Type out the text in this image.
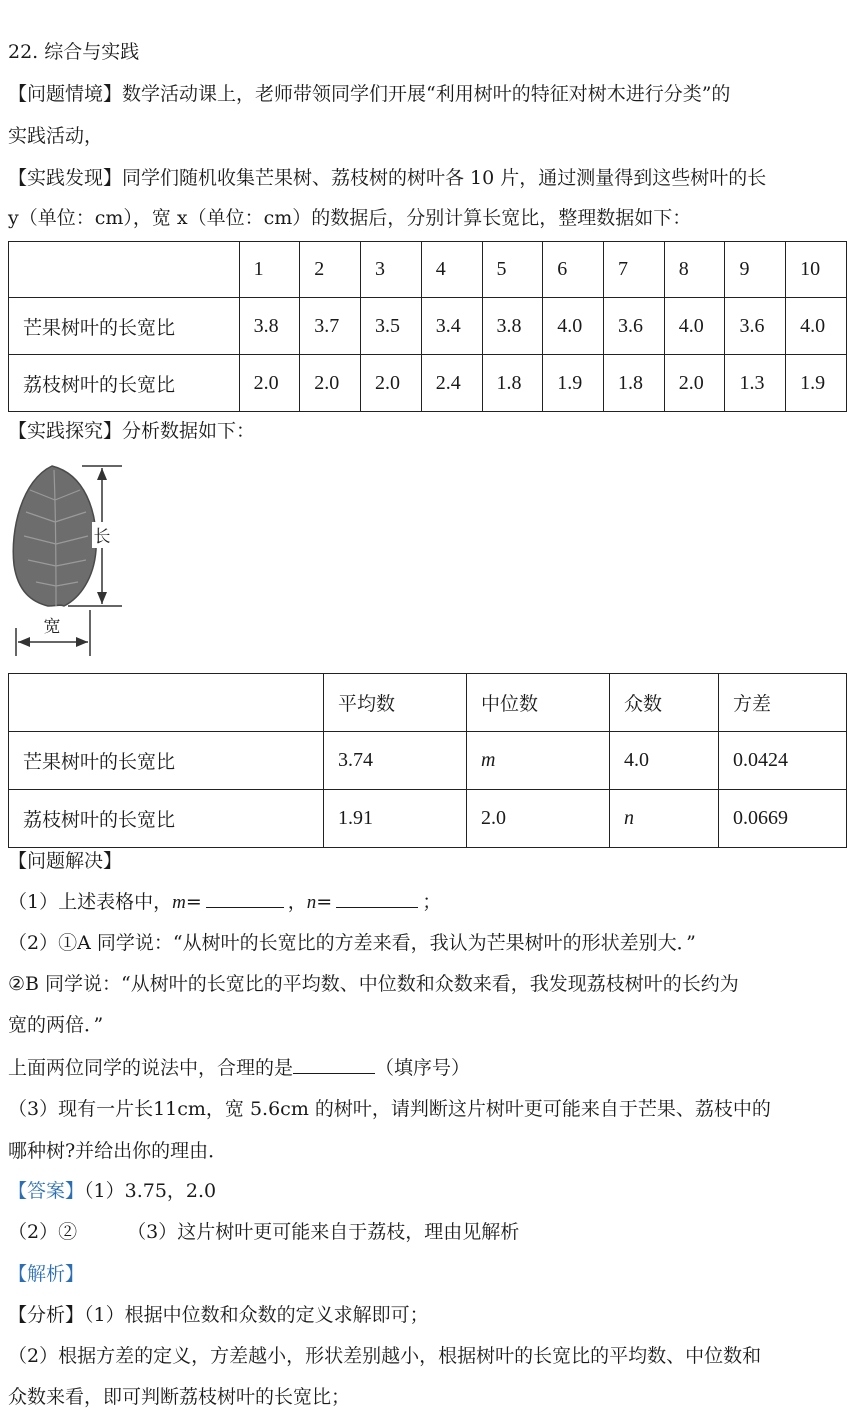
22. 综合与实践
【问题情境】数学活动课上，老师带领同学们开展“利用树叶的特征对树木进行分类”的
实践活动，
【实践发现】同学们随机收集芒果树、荔枝树的树叶各 10 片，通过测量得到这些树叶的长
y（单位：cm），宽 x（单位：cm）的数据后，分别计算长宽比，整理数据如下：
	1	2	3	4	5	6	7	8	9	10
芒果树叶的长宽比	3.8	3.7	3.5	3.4	3.8	4.0	3.6	4.0	3.6	4.0
荔枝树叶的长宽比	2.0	2.0	2.0	2.4	1.8	1.9	1.8	2.0	1.3	1.9
【实践探究】分析数据如下：
长
宽
	平均数	中位数	众数	方差
芒果树叶的长宽比	3.74	m	4.0	0.0424
荔枝树叶的长宽比	1.91	2.0	n	0.0669
【问题解决】
（1）上述表格中，m=	，n=	；
（2）①A 同学说：“从树叶的长宽比的方差来看，我认为芒果树叶的形状差别大．”
②B 同学说：“从树叶的长宽比的平均数、中位数和众数来看，我发现荔枝树叶的长约为
宽的两倍．”
上面两位同学的说法中，合理的是	（填序号）
（3）现有一片长11cm，宽 5.6cm 的树叶，请判断这片树叶更可能来自于芒果、荔枝中的
哪种树?并给出你的理由．
【答案】（1）3.75，2.0
（2）②	（3）这片树叶更可能来自于荔枝，理由见解析
【解析】
【分析】（1）根据中位数和众数的定义求解即可；
（2）根据方差的定义，方差越小，形状差别越小，根据树叶的长宽比的平均数、中位数和
众数来看，即可判断荔枝树叶的长宽比；
